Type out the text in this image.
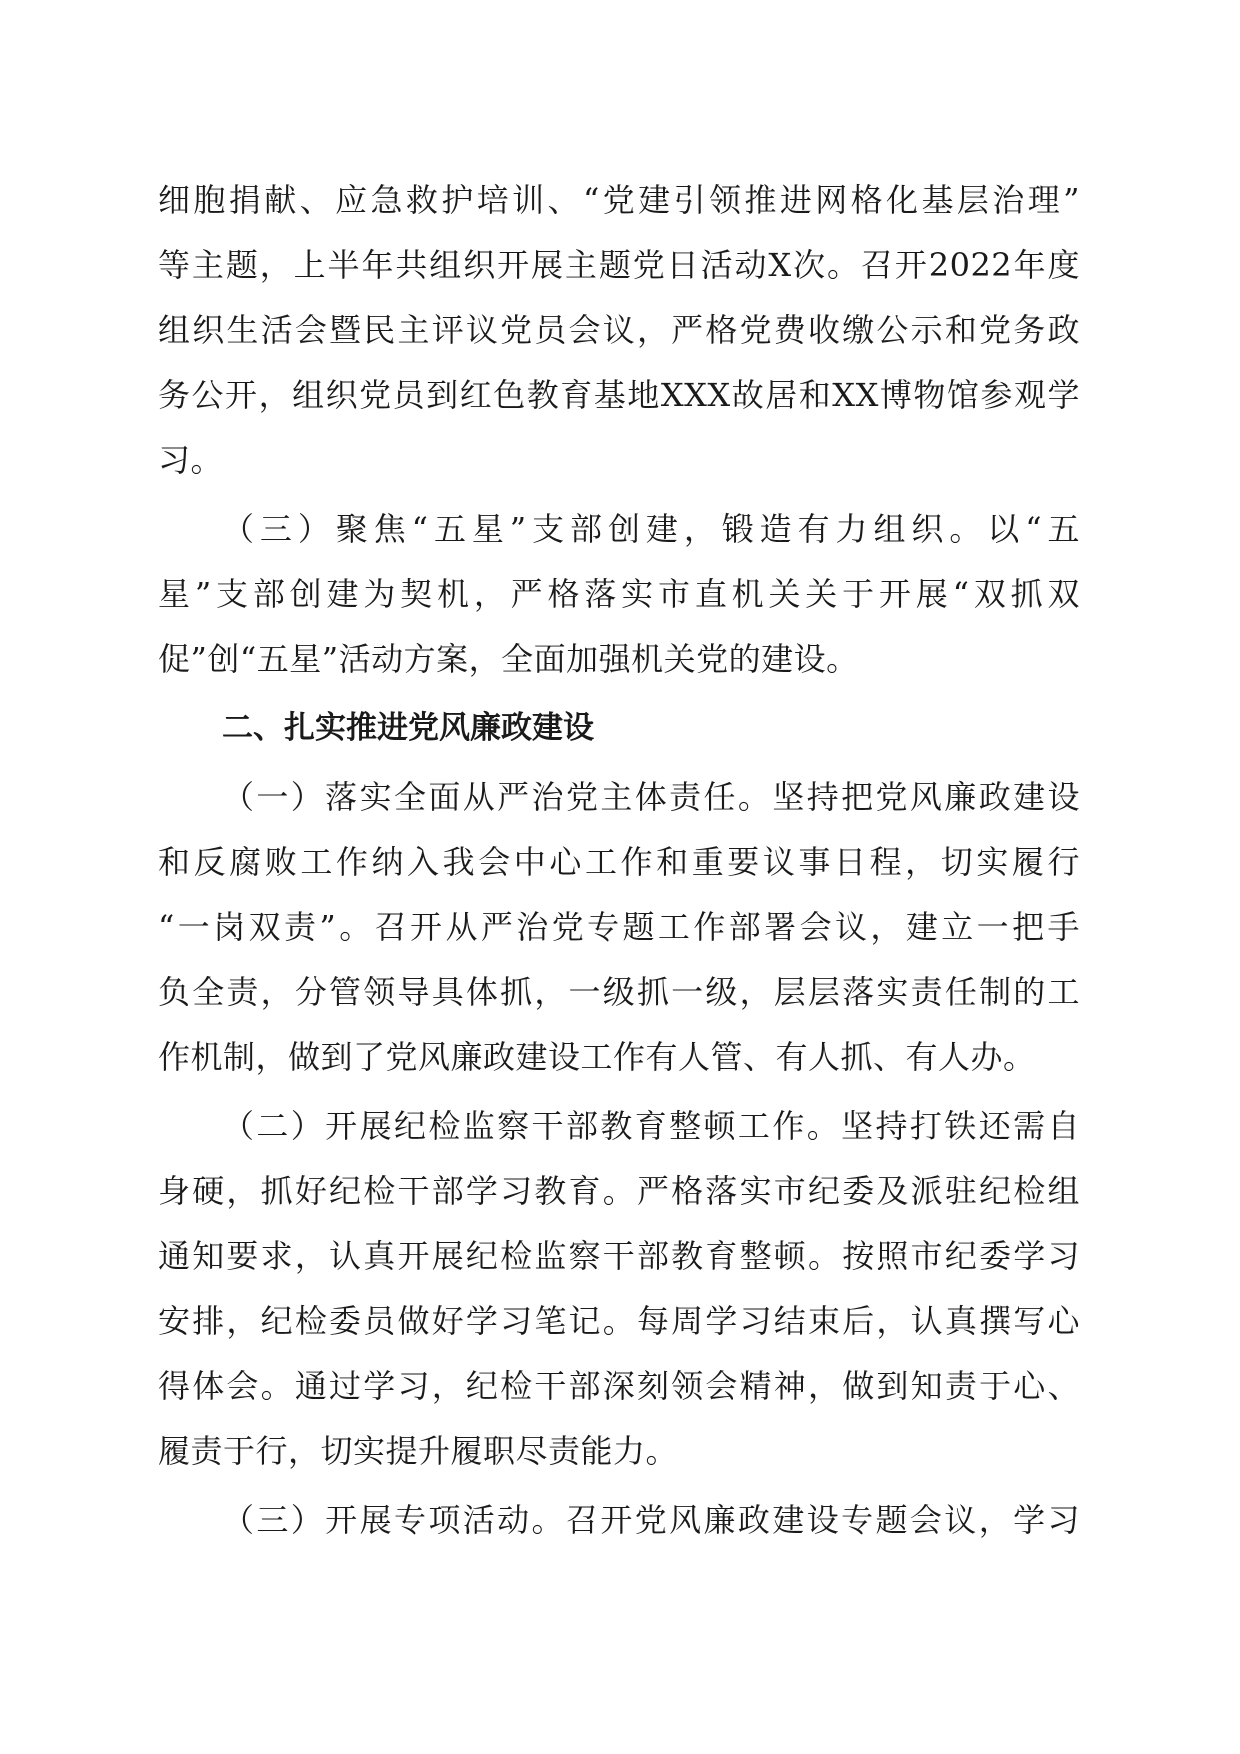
细胞捐献、应急救护培训、“党建引领推进网格化基层治理”
等主题，上半年共组织开展主题党日活动X次。召开2022年度
组织生活会暨民主评议党员会议，严格党费收缴公示和党务政
务公开，组织党员到红色教育基地XXX故居和XX博物馆参观学
习。
（三）聚焦“五星”支部创建，锻造有力组织。以“五
星”支部创建为契机，严格落实市直机关关于开展“双抓双
促”创“五星”活动方案，全面加强机关党的建设。
二、扎实推进党风廉政建设
（一）落实全面从严治党主体责任。坚持把党风廉政建设
和反腐败工作纳入我会中心工作和重要议事日程，切实履行
“一岗双责”。召开从严治党专题工作部署会议，建立一把手
负全责，分管领导具体抓，一级抓一级，层层落实责任制的工
作机制，做到了党风廉政建设工作有人管、有人抓、有人办。
（二）开展纪检监察干部教育整顿工作。坚持打铁还需自
身硬，抓好纪检干部学习教育。严格落实市纪委及派驻纪检组
通知要求，认真开展纪检监察干部教育整顿。按照市纪委学习
安排，纪检委员做好学习笔记。每周学习结束后，认真撰写心
得体会。通过学习，纪检干部深刻领会精神，做到知责于心、
履责于行，切实提升履职尽责能力。
（三）开展专项活动。召开党风廉政建设专题会议，学习
